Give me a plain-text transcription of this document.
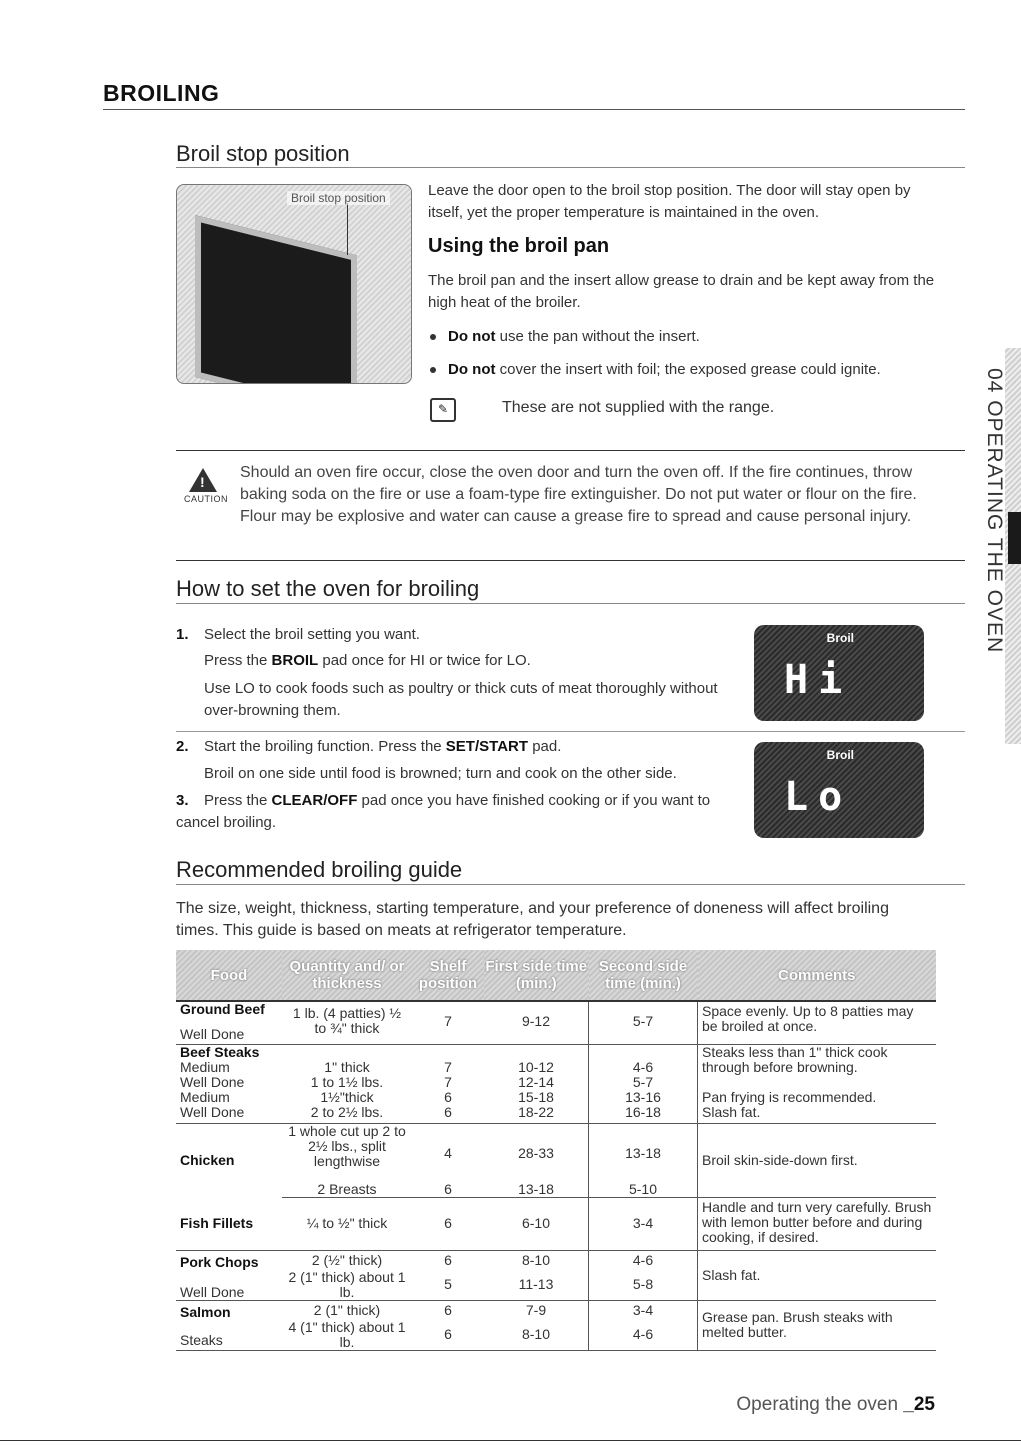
BROILING
Broil stop position
Broil stop position	Leave the door open to the broil stop position. The door will stay open by itself, yet the proper temperature is maintained in the oven.
Using the broil pan
The broil pan and the insert allow grease to drain and be kept away from the high heat of the broiler.
Do not use the pan without the insert.
Do not cover the insert with foil; the exposed grease could ignite.
✎	These are not supplied with the range.
!
CAUTION
Should an oven fire occur, close the oven door and turn the oven off. If the fire continues, throw baking soda on the fire or use a foam-type fire extinguisher. Do not put water or flour on the fire. Flour may be explosive and water can cause a grease fire to spread and cause personal injury.
How to set the oven for broiling
1. Select the broil setting you want.
Press the BROIL pad once for HI or twice for LO.
Use LO to cook foods such as poultry or thick cuts of meat thoroughly without over-browning them.
Broil
Hi
2. Start the broiling function. Press the SET/START pad.
Broil on one side until food is browned; turn and cook on the other side.
3. Press the CLEAR/OFF pad once you have finished cooking or if you want to cancel broiling.
Broil
Lo
Recommended broiling guide
The size, weight, thickness, starting temperature, and your preference of doneness will affect broiling times. This guide is based on meats at refrigerator temperature.
Food	Quantity and/ or thickness	Shelf position	First side time (min.)	Second side time (min.)	Comments

Ground Beef
Well Done	1 lb. (4 patties) ½ to ¾" thick	7	9-12	5-7	Space evenly. Up to 8 patties may be broiled at once.

Beef Steaks
Medium	1" thick	7	10-12	4-6	Steaks less than 1" thick cook through before browning.
Well Done	1 to 1½ lbs.	7	12-14	5-7	
Medium	1½"thick	6	15-18	13-16	Pan frying is recommended.
Well Done	2 to 2½ lbs.	6	18-22	16-18	Slash fat.
Chicken	1 whole cut up 2 to 2½ lbs., split lengthwise	4	28-33	13-18	Broil skin-side-down first.
	2 Breasts	6	13-18	5-10	
Fish Fillets	¼ to ½" thick	6	6-10	3-4	Handle and turn very carefully. Brush with lemon butter before and during cooking, if desired.
Pork Chops	2 (½" thick)	6	8-10	4-6	Slash fat.
Well Done	2 (1" thick) about 1 lb.	5	11-13	5-8	
Salmon	2 (1" thick)	6	7-9	3-4	Grease pan. Brush steaks with melted butter.
Steaks	4 (1" thick) about 1 lb.	6	8-10	4-6	
04 OPERATING THE OVEN
Operating the oven _25
